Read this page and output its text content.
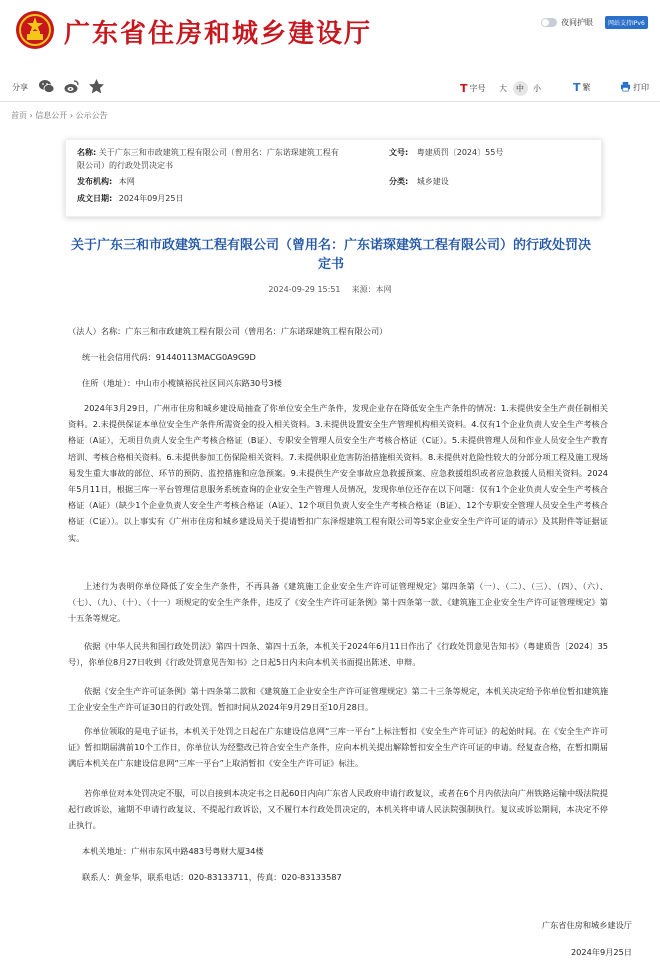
广东省住房和城乡建设厅	夜间护眼	网站支持IPv6
分享	T 字号	大	中	小	T 繁	打印
首页 › 信息公开 › 公示公告
名称: 关于广东三和市政建筑工程有限公司（曾用名：广东诺琛建筑工程有
限公司）的行政处罚决定书
文号: 粤建质罚〔2024〕55号
发布机构: 本网	分类: 城乡建设
成文日期: 2024年09月25日
关于广东三和市政建筑工程有限公司（曾用名：广东诺琛建筑工程有限公司）的行政处罚决
定书
2024-09-29 15:51 来源：本网
（法人）名称：广东三和市政建筑工程有限公司（曾用名：广东诺琛建筑工程有限公司）
统一社会信用代码：91440113MACG0A9G9D
住所（地址）：中山市小榄镇裕民社区同兴东路30号3楼
2024年3月29日，广州市住房和城乡建设局抽查了你单位安全生产条件，发现企业存在降低安全生产条件的情况：1.未提供安全生产责任制相关资料。2.未提供保证本单位安全生产条件所需资金的投入相关资料。3.未提供设置安全生产管理机构相关资料。4.仅有1个企业负责人安全生产考核合格证（A证），无项目负责人安全生产考核合格证（B证）、专职安全管理人员安全生产考核合格证（C证）。5.未提供管理人员和作业人员安全生产教育培训、考核合格相关资料。6.未提供参加工伤保险相关资料。7.未提供职业危害防治措施相关资料。8.未提供对危险性较大的分部分项工程及施工现场易发生重大事故的部位、环节的预防、监控措施和应急预案。9.未提供生产安全事故应急救援预案、应急救援组织或者应急救援人员相关资料。2024年5月11日，根据三库一平台管理信息服务系统查询的企业安全生产管理人员情况，发现你单位还存在以下问题：仅有1个企业负责人安全生产考核合格证（A证）（缺少1个企业负责人安全生产考核合格证（A证）、12个项目负责人安全生产考核合格证（B证）、12个专职安全管理人员安全生产考核合格证（C证））。以上事实有《广州市住房和城乡建设局关于提请暂扣广东泽煜建筑工程有限公司等5家企业安全生产许可证的请示》及其附件等证据证实。
上述行为表明你单位降低了安全生产条件，不再具备《建筑施工企业安全生产许可证管理规定》第四条第（一）、（二）、（三）、（四）、（六）、（七）、（九）、（十）、（十一）项规定的安全生产条件，违反了《安全生产许可证条例》第十四条第一款、《建筑施工企业安全生产许可证管理规定》第十五条等规定。
依据《中华人民共和国行政处罚法》第四十四条、第四十五条，本机关于2024年6月11日作出了《行政处罚意见告知书》（粤建质告〔2024〕35号），你单位8月27日收到《行政处罚意见告知书》之日起5日内未向本机关书面提出陈述、申辩。
依据《安全生产许可证条例》第十四条第二款和《建筑施工企业安全生产许可证管理规定》第二十三条等规定，本机关决定给予你单位暂扣建筑施工企业安全生产许可证30日的行政处罚。暂扣时间从2024年9月29日至10月28日。
你单位领取的是电子证书，本机关于处罚之日起在广东建设信息网“三库一平台”上标注暂扣《安全生产许可证》的起始时间。在《安全生产许可证》暂扣期届满前10个工作日，你单位认为经整改已符合安全生产条件，应向本机关提出解除暂扣安全生产许可证的申请。经复查合格，在暂扣期届满后本机关在广东建设信息网“三库一平台”上取消暂扣《安全生产许可证》标注。
若你单位对本处罚决定不服，可以自接到本决定书之日起60日内向广东省人民政府申请行政复议，或者在6个月内依法向广州铁路运输中级法院提起行政诉讼，逾期不申请行政复议、不提起行政诉讼，又不履行本行政处罚决定的，本机关将申请人民法院强制执行。复议或诉讼期间，本决定不停止执行。
本机关地址：广州市东风中路483号粤财大厦34楼
联系人：黄金华，联系电话：020-83133711，传真：020-83133587
广东省住房和城乡建设厅
2024年9月25日
